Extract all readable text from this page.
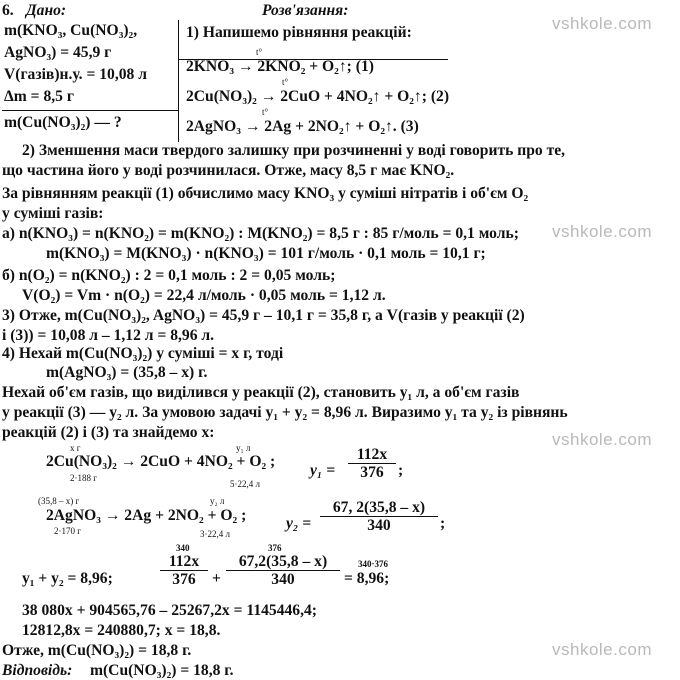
vshkole.com
vshkole.com
vshkole.com
vshkole.com
6. Дано:	Розв'язання:
m(KNO₃, Cu(NO₃)₂,
AgNO₃) = 45,9 г
V(газів)н.у. = 10,08 л
Δm = 8,5 г
m(Cu(NO₃)₂) — ?
1) Напишемо рівняння реакцій:
t°
2KNO₃ → 2KNO₂ + O₂↑; (1)
t°
2Cu(NO₃)₂ → 2CuO + 4NO₂↑ + O₂↑; (2)
t°
2AgNO₃ → 2Ag + 2NO₂↑ + O₂↑. (3)
2) Зменшення маси твердого залишку при розчиненні у воді говорить про те,
що частина його у воді розчинилася. Отже, масу 8,5 г має KNO₂.
За рівнянням реакції (1) обчислимо масу KNO₃ у суміші нітратів і об'єм O₂
у суміші газів:
а) n(KNO₃) = n(KNO₂) = m(KNO₂) : M(KNO₂) = 8,5 г : 85 г/моль = 0,1 моль;
m(KNO₃) = M(KNO₃) · n(KNO₃) = 101 г/моль · 0,1 моль = 10,1 г;
б) n(O₂) = n(KNO₂) : 2 = 0,1 моль : 2 = 0,05 моль;
V(O₂) = Vm · n(O₂) = 22,4 л/моль · 0,05 моль = 1,12 л.
3) Отже, m(Cu(NO₃)₂, AgNO₃) = 45,9 г – 10,1 г = 35,8 г, а V(газів у реакції (2)
і (3)) = 10,08 л – 1,12 л = 8,96 л.
4) Нехай m(Cu(NO₃)₂) у суміші = x г, тоді
m(AgNO₃) = (35,8 – x) г.
Нехай об'єм газів, що виділився у реакції (2), становить y₁ л, а об'єм газів
у реакції (3) — y₂ л. За умовою задачі y₁ + y₂ = 8,96 л. Виразимо y₁ та y₂ із рівнянь
реакцій (2) і (3) та знайдемо x:
x г	y₁ л
2Cu(NO₃)₂ → 2CuO + 4NO₂ + O₂ ;
2·188 г
5·22,4 л
$y_1 = \frac{112x}{376}$ ;
(35,8 – x) г	y₂ л
2AgNO₃ → 2Ag + 2NO₂ + O₂ ;
2·170 г	3·22,4 л
$y_2 = \frac{67, 2(35,8 - x)}{340}$ ;
y₁ + y₂ = 8,96;
340
$\frac{112x}{376}$ +
376
$\frac{67,2(35,8 - x)}{340} = 8,96$;
340·376
38 080x + 904565,76 – 25267,2x = 1145446,4;
12812,8x = 240880,7; x = 18,8.
Отже, m(Cu(NO₃)₂) = 18,8 г.
Відповідь: m(Cu(NO₃)₂) = 18,8 г.
